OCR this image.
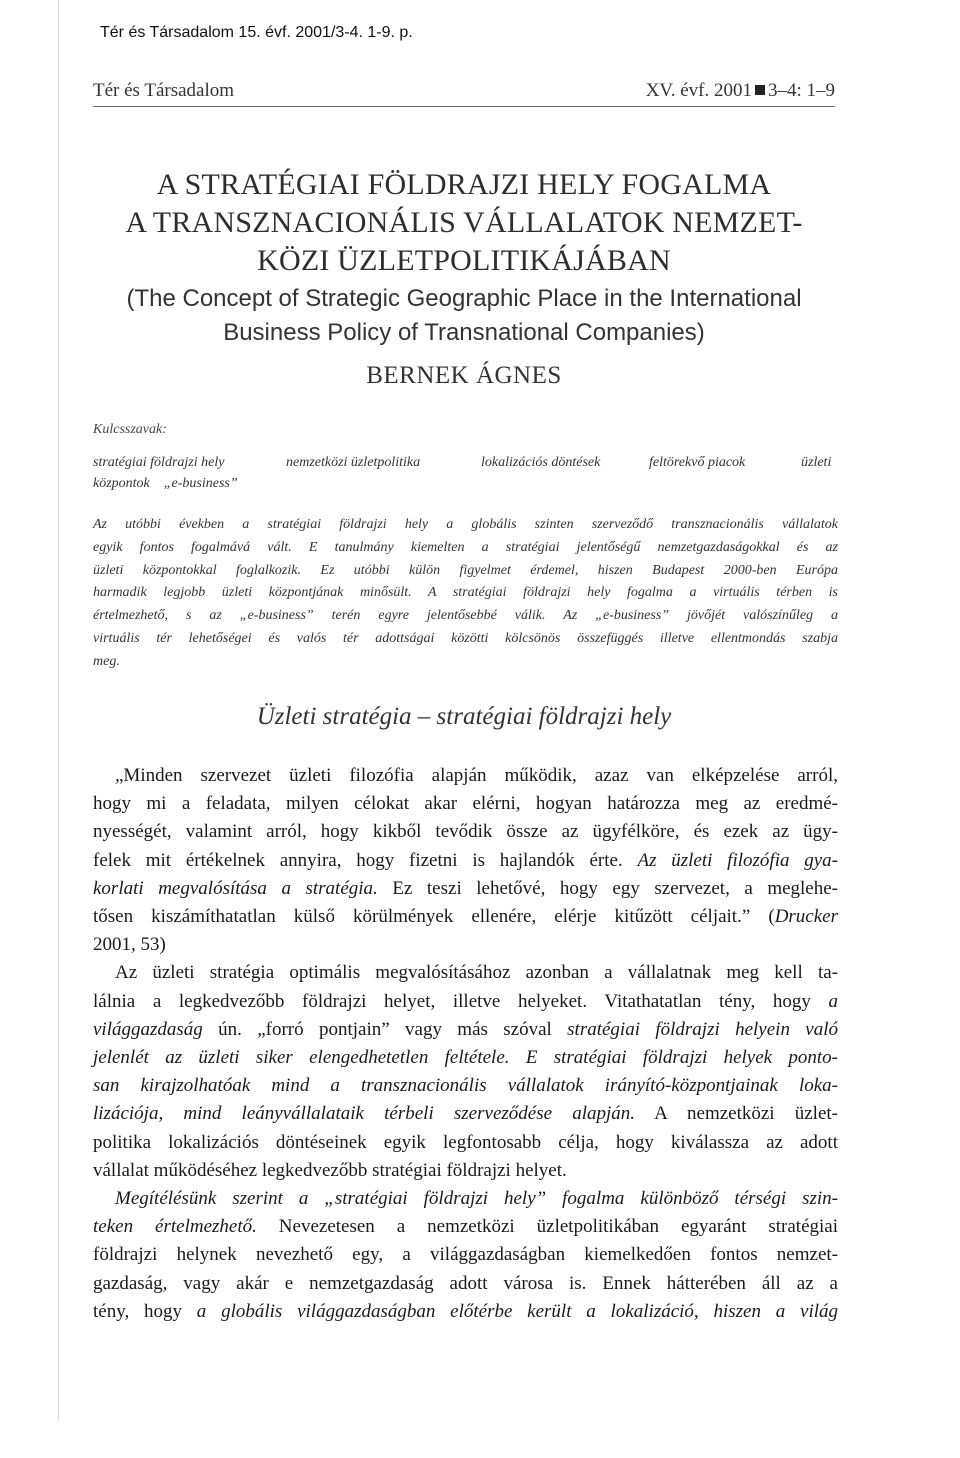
Tér és Társadalom 15. évf. 2001/3-4. 1-9. p.
Tér és Társadalom	XV. évf. 2001 3–4: 1–9
A STRATÉGIAI FÖLDRAJZI HELY FOGALMA
A TRANSZNACIONÁLIS VÁLLALATOK NEMZET-
KÖZI ÜZLETPOLITIKÁJÁBAN
(The Concept of Strategic Geographic Place in the International
Business Policy of Transnational Companies)
BERNEK ÁGNES
Kulcsszavak:
stratégiai földrajzi hely	nemzetközi üzletpolitika	lokalizációs döntések	feltörekvő piacok	üzleti
központok „e-business”
Az utóbbi években a stratégiai földrajzi hely a globális szinten szerveződő transznacionális vállalatok
egyik fontos fogalmává vált. E tanulmány kiemelten a stratégiai jelentőségű nemzetgazdaságokkal és az
üzleti központokkal foglalkozik. Ez utóbbi külön figyelmet érdemel, hiszen Budapest 2000-ben Európa
harmadik legjobb üzleti központjának minősült. A stratégiai földrajzi hely fogalma a virtuális térben is
értelmezhető, s az „e-business” terén egyre jelentősebbé válik. Az „e-business” jövőjét valószínűleg a
virtuális tér lehetőségei és valós tér adottságai közötti kölcsönös összefüggés illetve ellentmondás szabja
meg.
Üzleti stratégia – stratégiai földrajzi hely
„Minden szervezet üzleti filozófia alapján működik, azaz van elképzelése arról,
hogy mi a feladata, milyen célokat akar elérni, hogyan határozza meg az eredmé-
nyességét, valamint arról, hogy kikből tevődik össze az ügyfélköre, és ezek az ügy-
felek mit értékelnek annyira, hogy fizetni is hajlandók érte. Az üzleti filozófia gya-
korlati megvalósítása a stratégia. Ez teszi lehetővé, hogy egy szervezet, a meglehe-
tősen kiszámíthatatlan külső körülmények ellenére, elérje kitűzött céljait.” (Drucker
2001, 53)
Az üzleti stratégia optimális megvalósításához azonban a vállalatnak meg kell ta-
lálnia a legkedvezőbb földrajzi helyet, illetve helyeket. Vitathatatlan tény, hogy a
világgazdaság ún. „forró pontjain” vagy más szóval stratégiai földrajzi helyein való
jelenlét az üzleti siker elengedhetetlen feltétele. E stratégiai földrajzi helyek ponto-
san kirajzolhatóak mind a transznacionális vállalatok irányító-központjainak loka-
lizációja, mind leányvállalataik térbeli szerveződése alapján. A nemzetközi üzlet-
politika lokalizációs döntéseinek egyik legfontosabb célja, hogy kiválassza az adott
vállalat működéséhez legkedvezőbb stratégiai földrajzi helyet.
Megítélésünk szerint a „stratégiai földrajzi hely” fogalma különböző térségi szin-
teken értelmezhető. Nevezetesen a nemzetközi üzletpolitikában egyaránt stratégiai
földrajzi helynek nevezhető egy, a világgazdaságban kiemelkedően fontos nemzet-
gazdaság, vagy akár e nemzetgazdaság adott városa is. Ennek hátterében áll az a
tény, hogy a globális világgazdaságban előtérbe került a lokalizáció, hiszen a világ
